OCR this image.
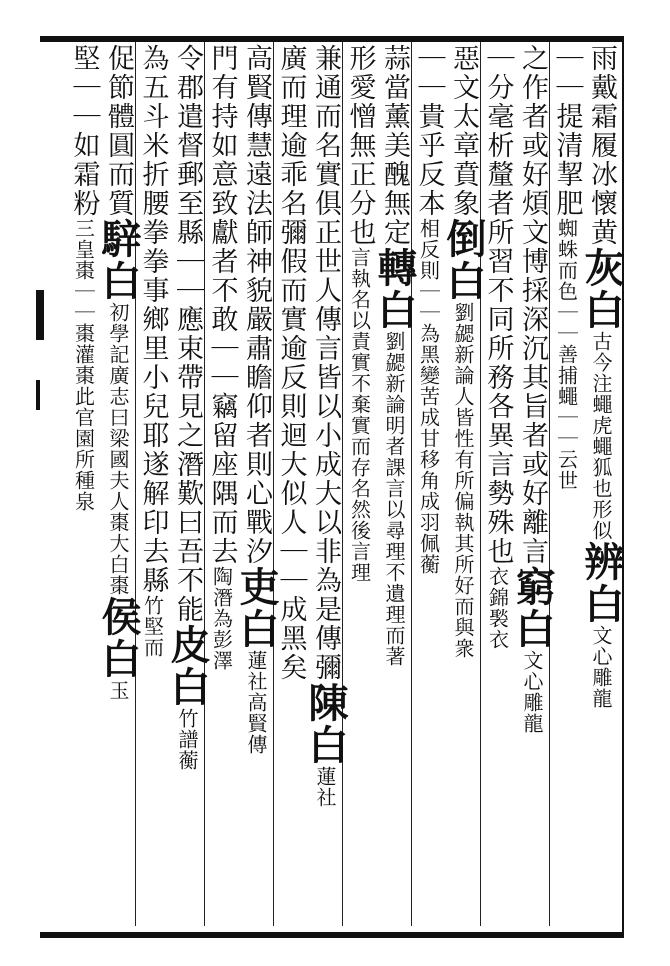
雨戴霜履冰懷黄灰白古今注蠅虎蠅狐也形似辨白文心雕龍
｜｜提清挈肥蜘蛛而色｜｜善捕蠅｜｜云世
之作者或好煩文博採深沉其旨者或好離言窮白文心雕龍
｜分毫析釐者所習不同所務各異言勢殊也衣錦褧衣
惡文太章賁象倒白劉勰新論人皆性有所偏執其所好而與衆
｜｜貴乎反本相反則｜｜為黑變苦成甘移角成羽佩蘅
蒜當薰美醜無定轉白劉勰新論明者課言以尋理不遺理而著
形愛憎無正分也言執名以責實不棄實而存名然後言理
兼通而名實俱正世人傳言皆以小成大以非為是傳彌陳白蓮社
廣而理逾乖名彌假而實逾反則迴大似人｜｜成黑矣
高賢傳慧遠法師神貌嚴肅瞻仰者則心戰汐吏白蓮社高賢傳
門有持如意致獻者不敢｜｜竊留座隅而去陶潛為彭澤
令郡遣督郵至縣｜｜應束帶見之潛歎曰吾不能皮白竹譜蘅
為五斗米折腰拳拳事鄉里小兒耶遂解印去縣竹堅而
促節體圓而質騂白初學記廣志曰梁國夫人棗大白棗侯白玉
堅｜｜如霜粉三皇棗｜｜棗灌棗此官園所種泉
